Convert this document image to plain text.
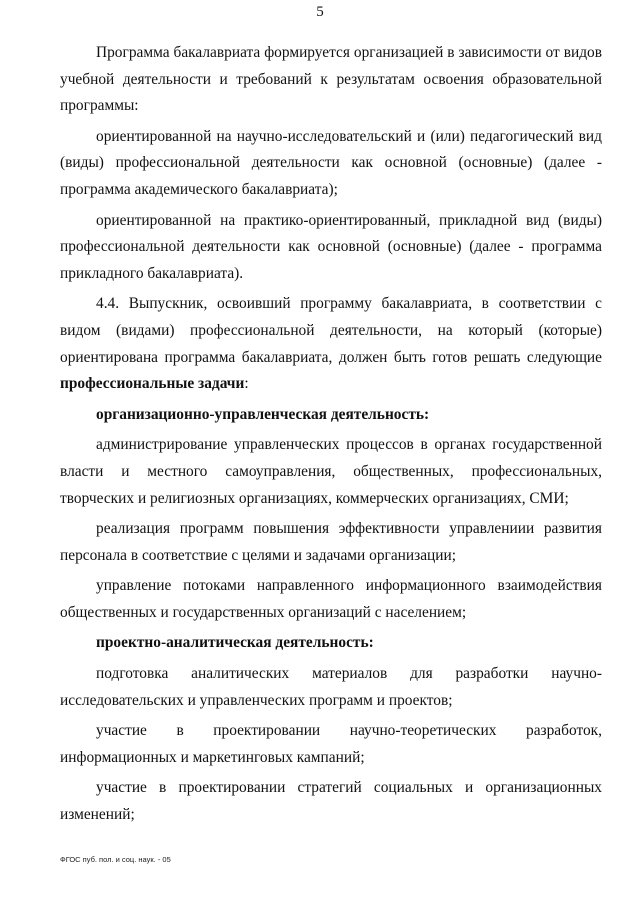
5

Программа бакалавриата формируется организацией в зависимости от видов учебной деятельности и требований к результатам освоения образовательной программы:

ориентированной на научно-исследовательский и (или) педагогический вид (виды) профессиональной деятельности как основной (основные) (далее - программа академического бакалавриата);

ориентированной на практико-ориентированный, прикладной вид (виды) профессиональной деятельности как основной (основные) (далее - программа прикладного бакалавриата).

4.4. Выпускник, освоивший программу бакалавриата, в соответствии с видом (видами) профессиональной деятельности, на который (которые) ориентирована программа бакалавриата, должен быть готов решать следующие профессиональные задачи:

организационно-управленческая деятельность:

администрирование управленческих процессов в органах государственной власти и местного самоуправления, общественных, профессиональных, творческих и религиозных организациях, коммерческих организациях, СМИ;

реализация программ повышения эффективности управлениии развития персонала в соответствие с целями и задачами организации;

управление потоками направленного информационного взаимодействия общественных и государственных организаций с населением;

проектно-аналитическая деятельность:

подготовка аналитических материалов для разработки научно-исследовательских и управленческих программ и проектов;

участие в проектировании научно-теоретических разработок, информационных и маркетинговых кампаний;

участие в проектировании стратегий социальных и организационных изменений;

ФГОС пуб. пол. и соц. наук. - 05
